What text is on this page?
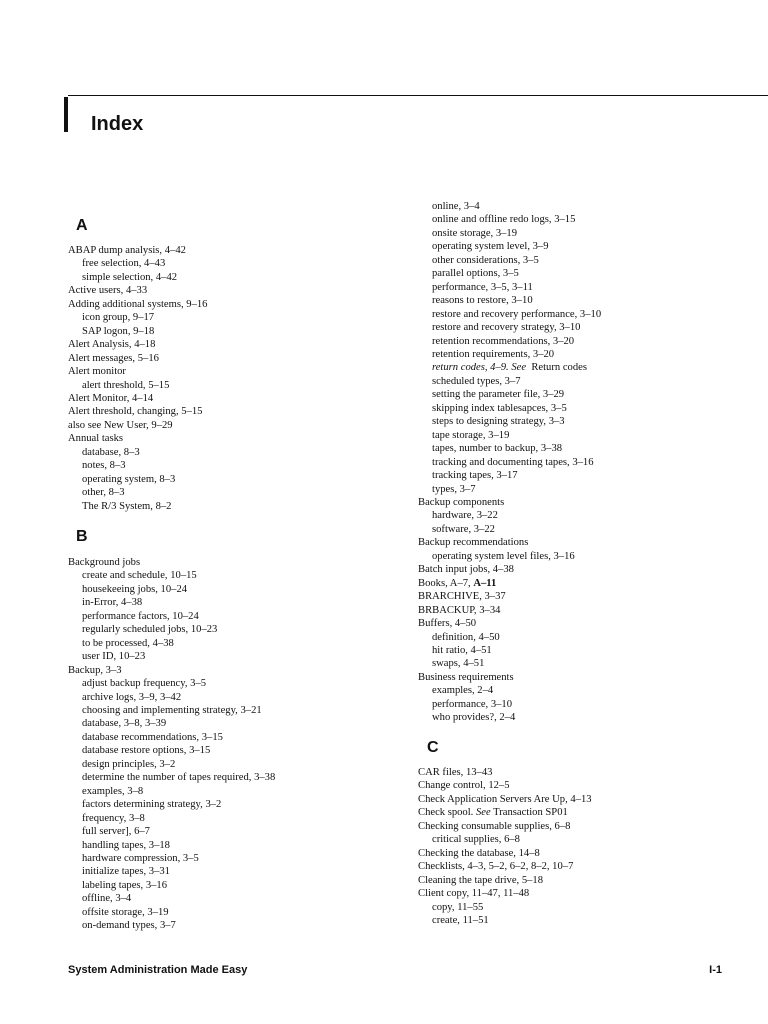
Index
A
ABAP dump analysis, 4–42
free selection, 4–43
simple selection, 4–42
Active users, 4–33
Adding additional systems, 9–16
icon group, 9–17
SAP logon, 9–18
Alert Analysis, 4–18
Alert messages, 5–16
Alert monitor
alert threshold, 5–15
Alert Monitor, 4–14
Alert threshold, changing, 5–15
also see New User, 9–29
Annual tasks
database, 8–3
notes, 8–3
operating system, 8–3
other, 8–3
The R/3 System, 8–2
B
Background jobs
create and schedule, 10–15
housekeeing jobs, 10–24
in-Error, 4–38
performance factors, 10–24
regularly scheduled jobs, 10–23
to be processed, 4–38
user ID, 10–23
Backup, 3–3
adjust backup frequency, 3–5
archive logs, 3–9, 3–42
choosing and implementing strategy, 3–21
database, 3–8, 3–39
database recommendations, 3–15
database restore options, 3–15
design principles, 3–2
determine the number of tapes required, 3–38
examples, 3–8
factors determining strategy, 3–2
frequency, 3–8
full server], 6–7
handling tapes, 3–18
hardware compression, 3–5
initialize tapes, 3–31
labeling tapes, 3–16
offline, 3–4
offsite storage, 3–19
on-demand types, 3–7
online, 3–4
online and offline redo logs, 3–15
onsite storage, 3–19
operating system level, 3–9
other considerations, 3–5
parallel options, 3–5
performance, 3–5, 3–11
reasons to restore, 3–10
restore and recovery performance, 3–10
restore and recovery strategy, 3–10
retention recommendations, 3–20
retention requirements, 3–20
return codes, 4–9. See  Return codes
scheduled types, 3–7
setting the parameter file, 3–29
skipping index tablesapces, 3–5
steps to designing strategy, 3–3
tape storage, 3–19
tapes, number to backup, 3–38
tracking and documenting tapes, 3–16
tracking tapes, 3–17
types, 3–7
Backup components
hardware, 3–22
software, 3–22
Backup recommendations
operating system level files, 3–16
Batch input jobs, 4–38
Books, A–7, A–11
BRARCHIVE, 3–37
BRBACKUP, 3–34
Buffers, 4–50
definition, 4–50
hit ratio, 4–51
swaps, 4–51
Business requirements
examples, 2–4
performance, 3–10
who provides?, 2–4
C
CAR files, 13–43
Change control, 12–5
Check Application Servers Are Up, 4–13
Check spool. See Transaction SP01
Checking consumable supplies, 6–8
critical supplies, 6–8
Checking the database, 14–8
Checklists, 4–3, 5–2, 6–2, 8–2, 10–7
Cleaning the tape drive, 5–18
Client copy, 11–47, 11–48
copy, 11–55
create, 11–51
System Administration Made Easy	I-1
